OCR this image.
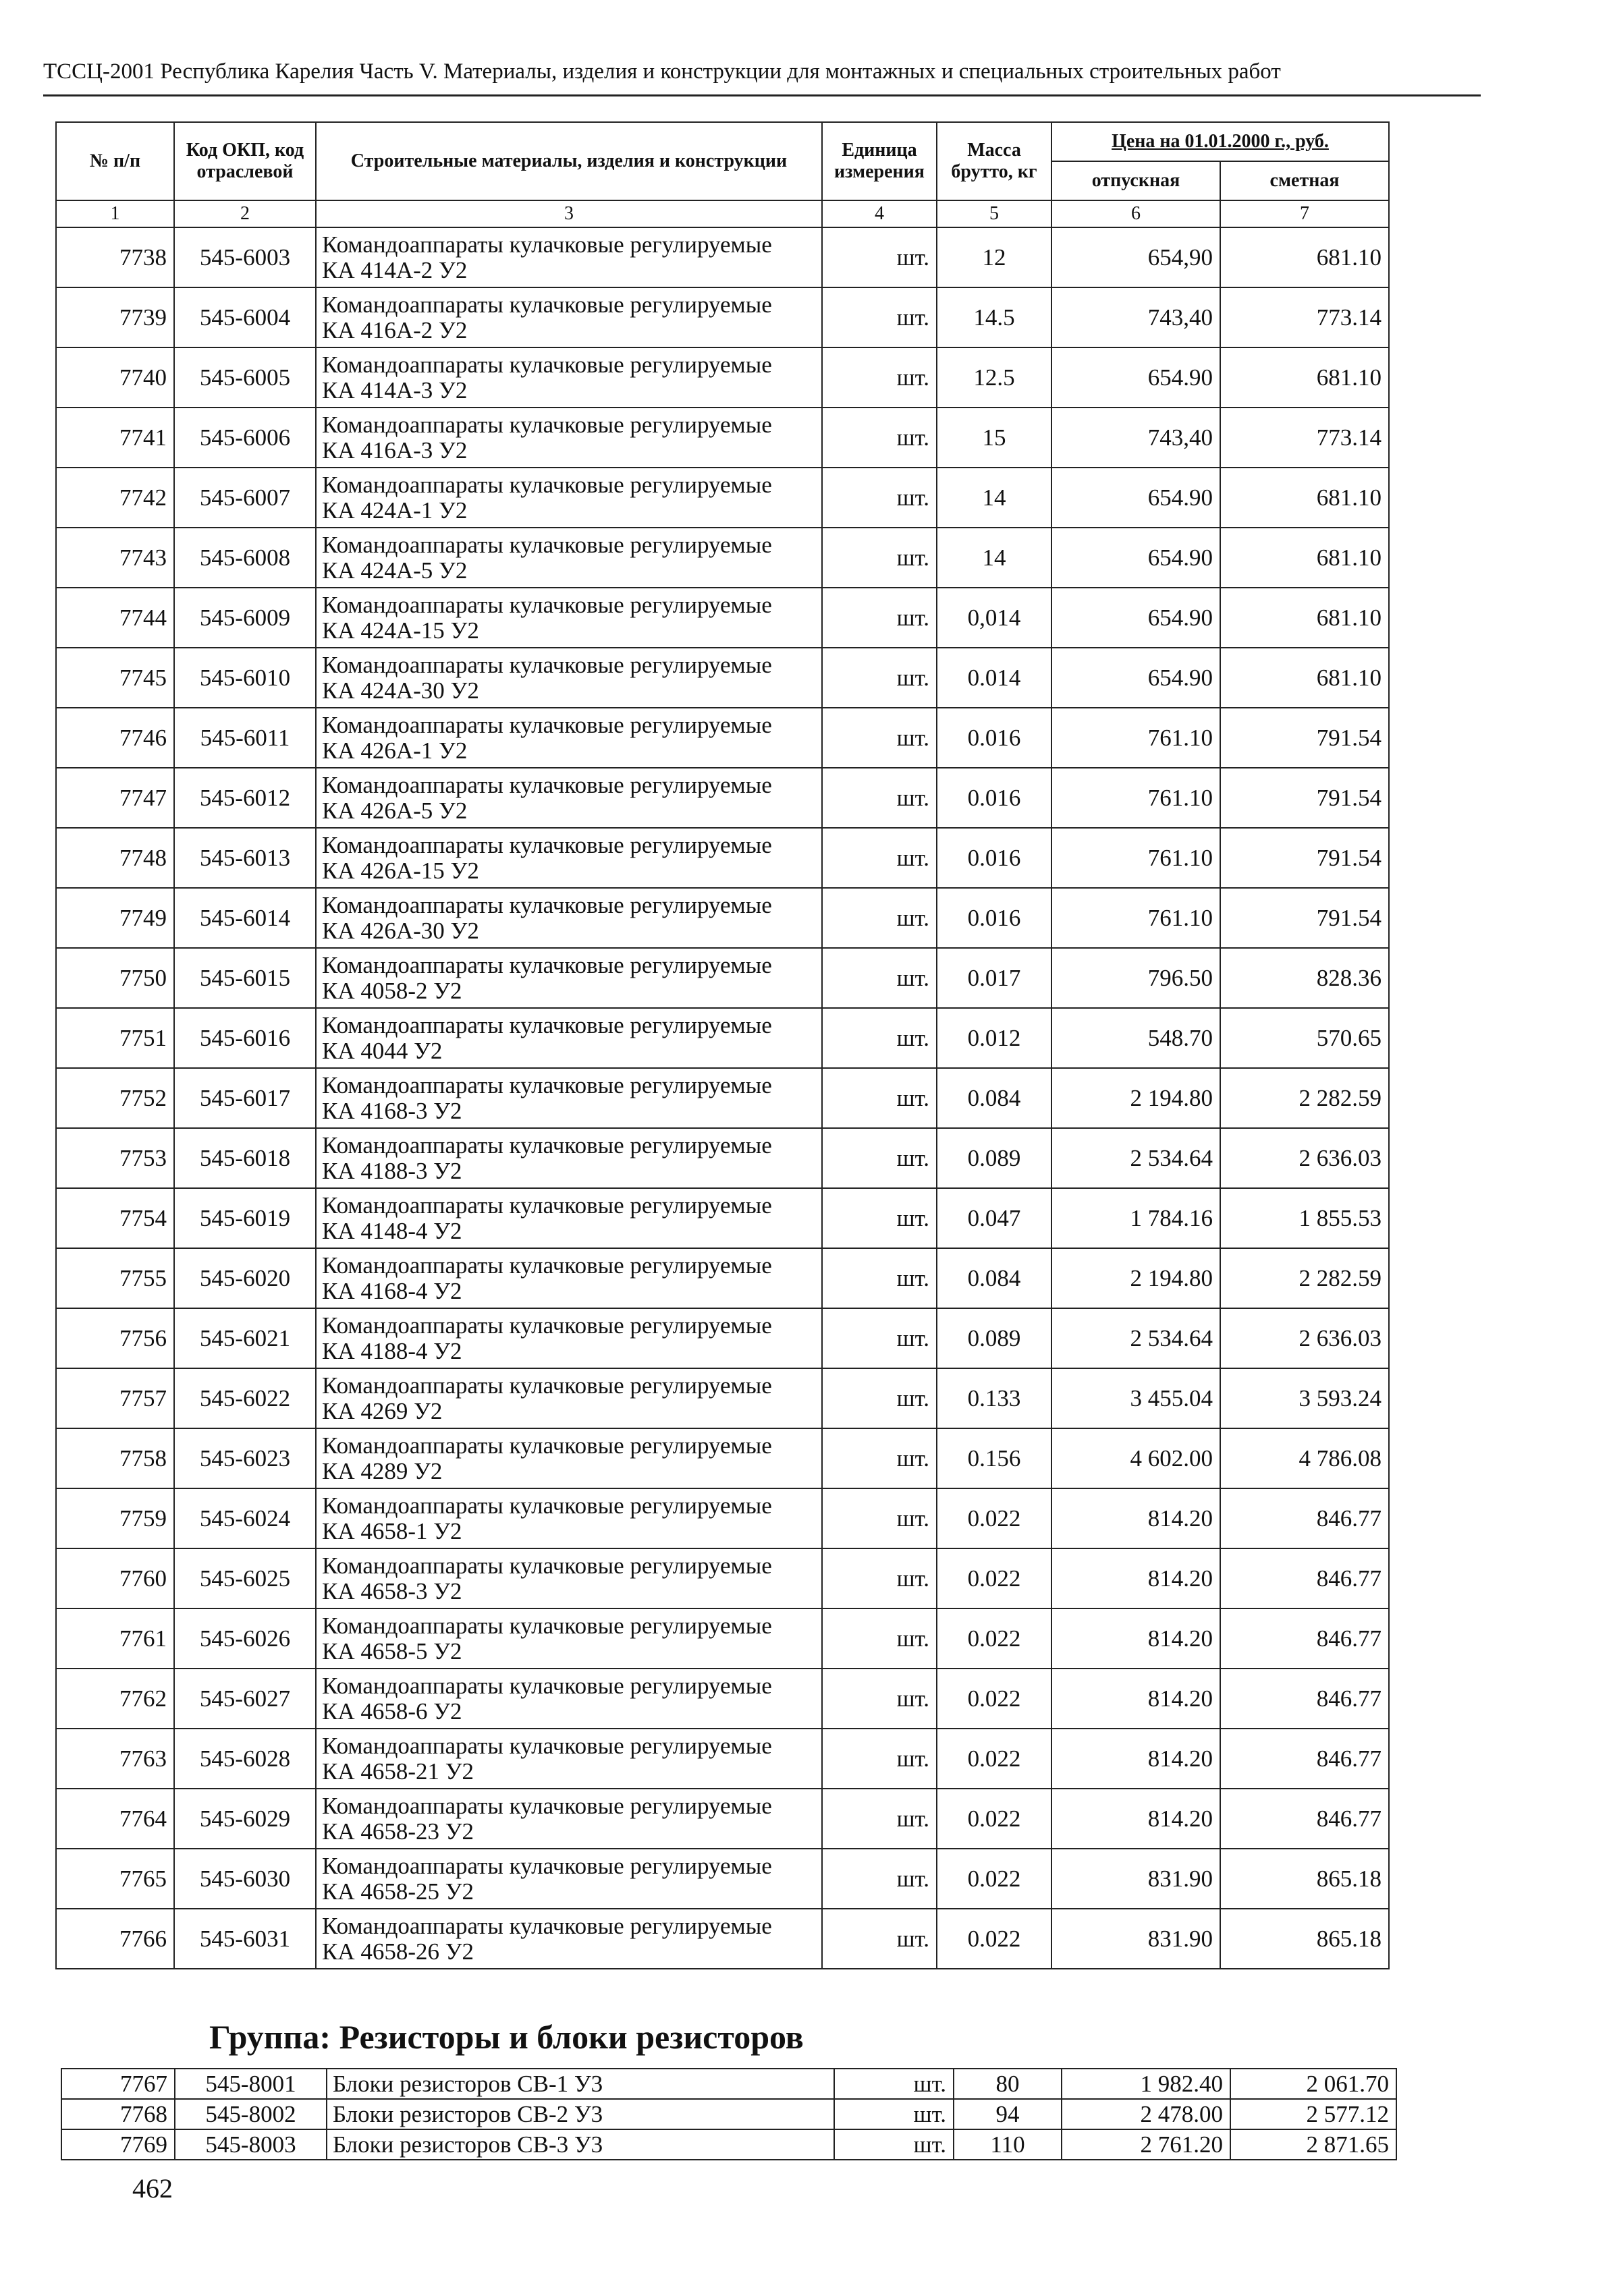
ТССЦ-2001 Республика Карелия Часть V. Материалы, изделия и конструкции для монтажных и специальных строительных работ
№ п/п	Код ОКП, код отраслевой	Строительные материалы, изделия и конструкции	Единица измерения	Масса брутто, кг	Цена на 01.01.2000 г., руб.	
					отпускная	сметная
1	2	3	4	5	6	7
7738	545-6003	Командоаппараты кулачковые регулируемые
КА 414А-2 У2	шт.	12	654,90	681.10
7739	545-6004	Командоаппараты кулачковые регулируемые
КА 416А-2 У2	шт.	14.5	743,40	773.14
7740	545-6005	Командоаппараты кулачковые регулируемые
КА 414А-3 У2	шт.	12.5	654.90	681.10
7741	545-6006	Командоаппараты кулачковые регулируемые
КА 416А-3 У2	шт.	15	743,40	773.14
7742	545-6007	Командоаппараты кулачковые регулируемые
КА 424А-1 У2	шт.	14	654.90	681.10
7743	545-6008	Командоаппараты кулачковые регулируемые
КА 424А-5 У2	шт.	14	654.90	681.10
7744	545-6009	Командоаппараты кулачковые регулируемые
КА 424А-15 У2	шт.	0,014	654.90	681.10
7745	545-6010	Командоаппараты кулачковые регулируемые
КА 424А-30 У2	шт.	0.014	654.90	681.10
7746	545-6011	Командоаппараты кулачковые регулируемые
КА 426А-1 У2	шт.	0.016	761.10	791.54
7747	545-6012	Командоаппараты кулачковые регулируемые
КА 426А-5 У2	шт.	0.016	761.10	791.54
7748	545-6013	Командоаппараты кулачковые регулируемые
КА 426А-15 У2	шт.	0.016	761.10	791.54
7749	545-6014	Командоаппараты кулачковые регулируемые
КА 426А-30 У2	шт.	0.016	761.10	791.54
7750	545-6015	Командоаппараты кулачковые регулируемые
КА 4058-2 У2	шт.	0.017	796.50	828.36
7751	545-6016	Командоаппараты кулачковые регулируемые
КА 4044 У2	шт.	0.012	548.70	570.65
7752	545-6017	Командоаппараты кулачковые регулируемые
КА 4168-3 У2	шт.	0.084	2 194.80	2 282.59
7753	545-6018	Командоаппараты кулачковые регулируемые
КА 4188-3 У2	шт.	0.089	2 534.64	2 636.03
7754	545-6019	Командоаппараты кулачковые регулируемые
КА 4148-4 У2	шт.	0.047	1 784.16	1 855.53
7755	545-6020	Командоаппараты кулачковые регулируемые
КА 4168-4 У2	шт.	0.084	2 194.80	2 282.59
7756	545-6021	Командоаппараты кулачковые регулируемые
КА 4188-4 У2	шт.	0.089	2 534.64	2 636.03
7757	545-6022	Командоаппараты кулачковые регулируемые
КА 4269 У2	шт.	0.133	3 455.04	3 593.24
7758	545-6023	Командоаппараты кулачковые регулируемые
КА 4289 У2	шт.	0.156	4 602.00	4 786.08
7759	545-6024	Командоаппараты кулачковые регулируемые
КА 4658-1 У2	шт.	0.022	814.20	846.77
7760	545-6025	Командоаппараты кулачковые регулируемые
КА 4658-3 У2	шт.	0.022	814.20	846.77
7761	545-6026	Командоаппараты кулачковые регулируемые
КА 4658-5 У2	шт.	0.022	814.20	846.77
7762	545-6027	Командоаппараты кулачковые регулируемые
КА 4658-6 У2	шт.	0.022	814.20	846.77
7763	545-6028	Командоаппараты кулачковые регулируемые
КА 4658-21 У2	шт.	0.022	814.20	846.77
7764	545-6029	Командоаппараты кулачковые регулируемые
КА 4658-23 У2	шт.	0.022	814.20	846.77
7765	545-6030	Командоаппараты кулачковые регулируемые
КА 4658-25 У2	шт.	0.022	831.90	865.18
7766	545-6031	Командоаппараты кулачковые регулируемые
КА 4658-26 У2	шт.	0.022	831.90	865.18
Группа: Резисторы и блоки резисторов
7767	545-8001	Блоки резисторов СВ-1 У3	шт.	80	1 982.40	2 061.70
7768	545-8002	Блоки резисторов СВ-2 У3	шт.	94	2 478.00	2 577.12
7769	545-8003	Блоки резисторов СВ-3 У3	шт.	110	2 761.20	2 871.65
462
